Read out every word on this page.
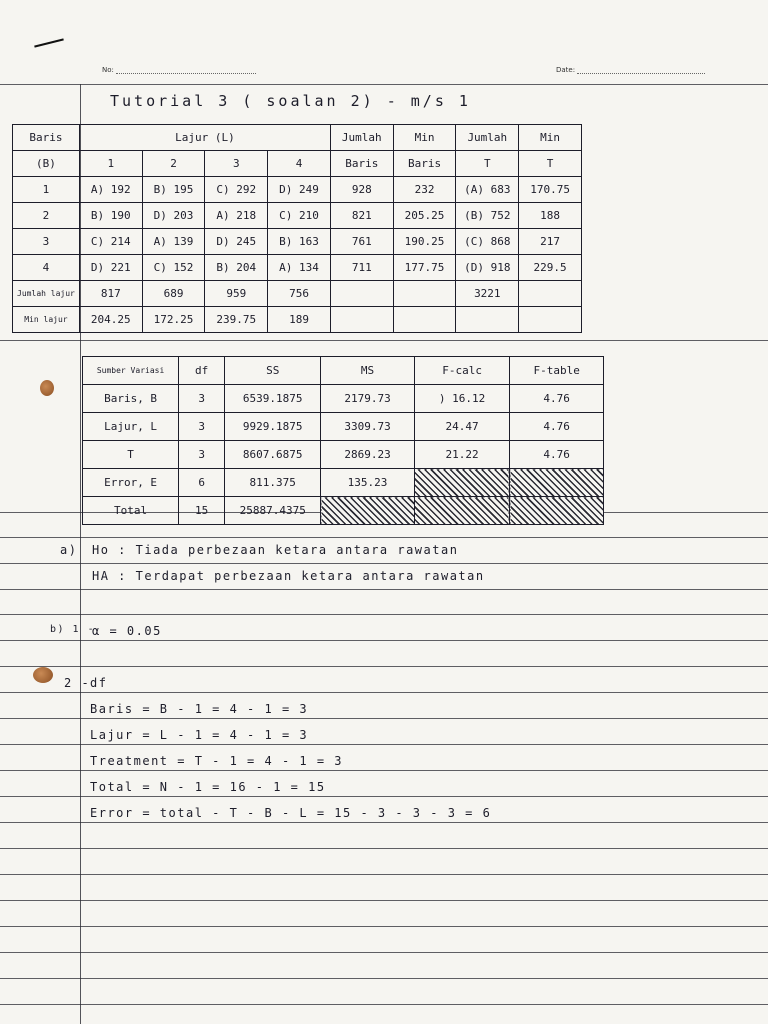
No:	Date:
Tutorial 3 ( soalan 2) - m/s 1
Baris	Lajur (L)				Jumlah	Min	Jumlah	Min
(B)	1	2	3	4	Baris	Baris	T	T
1	A) 192	B) 195	C) 292	D) 249	928	232	(A) 683	170.75
2	B) 190	D) 203	A) 218	C) 210	821	205.25	(B) 752	188
3	C) 214	A) 139	D) 245	B) 163	761	190.25	(C) 868	217
4	D) 221	C) 152	B) 204	A) 134	711	177.75	(D) 918	229.5
Jumlah lajur	817	689	959	756			3221	
Min lajur	204.25	172.25	239.75	189				
Sumber Variasi	df	SS	MS	F-calc	F-table
Baris, B	3	6539.1875	2179.73	) 16.12	4.76
Lajur, L	3	9929.1875	3309.73	24.47	4.76
T	3	8607.6875	2869.23	21.22	4.76
Error, E	6	811.375	135.23		
Total	15	25887.4375			
a) Ho : Tiada perbezaan ketara antara rawatan
HA : Terdapat perbezaan ketara antara rawatan
b) 1 -
α = 0.05
2 - df
Baris = B - 1 = 4 - 1 = 3
Lajur = L - 1 = 4 - 1 = 3
Treatment = T - 1 = 4 - 1 = 3
Total = N - 1 = 16 - 1 = 15
Error = total - T - B - L = 15 - 3 - 3 - 3 = 6
